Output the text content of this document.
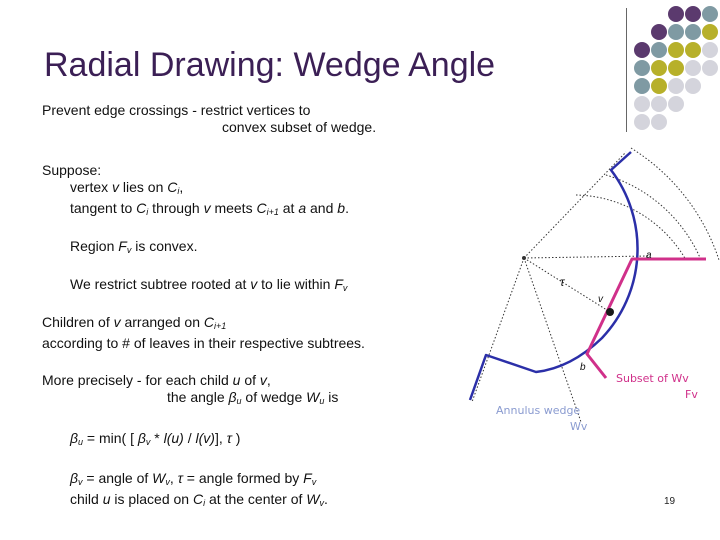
Radial Drawing: Wedge Angle
Prevent edge crossings - restrict vertices to
convex subset of wedge.
Suppose:
vertex v lies on $C_i$,
tangent to $C_i$ through v meets $C_{i+1}$ at a and b.
Region $F_v$ is convex.
We restrict subtree rooted at v to lie within $F_v$
Children of v arranged on $C_{i+1}$
according to # of leaves in their respective subtrees.
More precisely - for each child u of v,
the angle $\beta_u$ of wedge $W_u$ is
$\beta_u = \min$( [ $\beta_v * l(u) / l(v)$], τ )
$\beta_v$ = angle of $W_v$, τ = angle formed by $F_v$
child u is placed on $C_i$ at the center of $W_v$.
τ
a
b
v
Subset of Wv
Fv
Annulus wedge
Wv
19
